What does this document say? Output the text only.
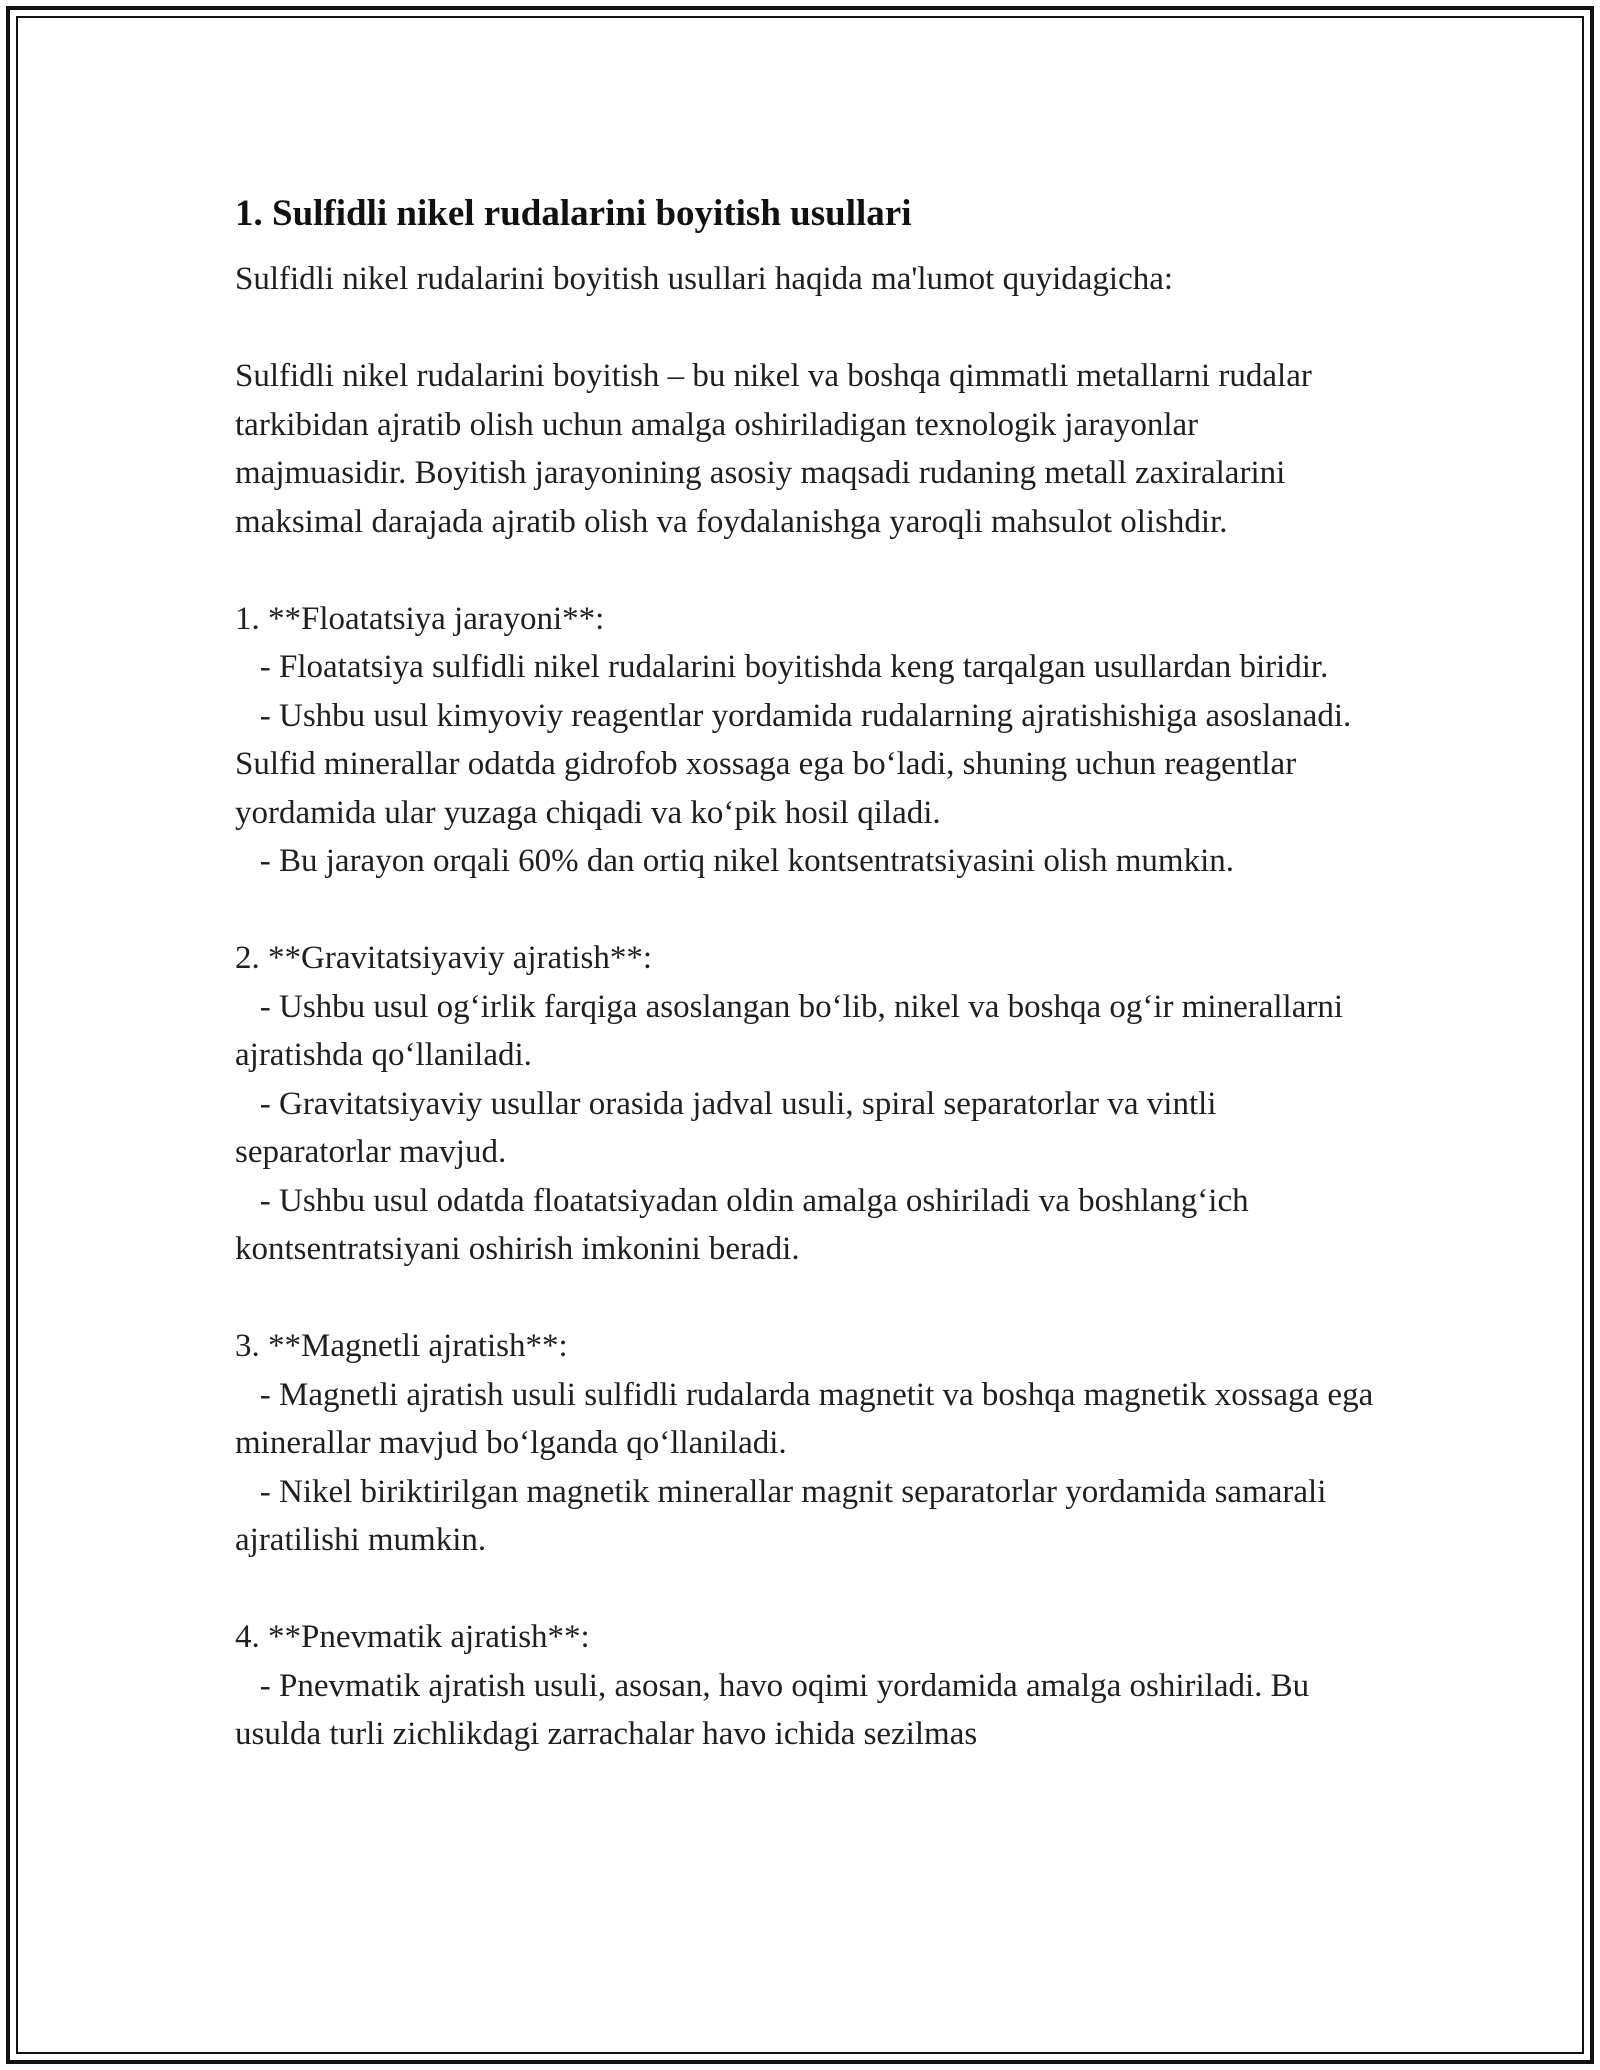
1. Sulfidli nikel rudalarini boyitish usullari

Sulfidli nikel rudalarini boyitish usullari haqida ma'lumot quyidagicha:

Sulfidli nikel rudalarini boyitish – bu nikel va boshqa qimmatli metallarni rudalar tarkibidan ajratib olish uchun amalga oshiriladigan texnologik jarayonlar majmuasidir. Boyitish jarayonining asosiy maqsadi rudaning metall zaxiralarini maksimal darajada ajratib olish va foydalanishga yaroqli mahsulot olishdir.

1. **Floatatsiya jarayoni**:
- Floatatsiya sulfidli nikel rudalarini boyitishda keng tarqalgan usullardan biridir.
- Ushbu usul kimyoviy reagentlar yordamida rudalarning ajratishishiga asoslanadi. Sulfid minerallar odatda gidrofob xossaga ega bo‘ladi, shuning uchun reagentlar yordamida ular yuzaga chiqadi va ko‘pik hosil qiladi.
- Bu jarayon orqali 60% dan ortiq nikel kontsentratsiyasini olish mumkin.
2. **Gravitatsiyaviy ajratish**:
- Ushbu usul og‘irlik farqiga asoslangan bo‘lib, nikel va boshqa og‘ir minerallarni ajratishda qo‘llaniladi.
- Gravitatsiyaviy usullar orasida jadval usuli, spiral separatorlar va vintli separatorlar mavjud.
- Ushbu usul odatda floatatsiyadan oldin amalga oshiriladi va boshlang‘ich kontsentratsiyani oshirish imkonini beradi.
3. **Magnetli ajratish**:
- Magnetli ajratish usuli sulfidli rudalarda magnetit va boshqa magnetik xossaga ega minerallar mavjud bo‘lganda qo‘llaniladi.
- Nikel biriktirilgan magnetik minerallar magnit separatorlar yordamida samarali ajratilishi mumkin.
4. **Pnevmatik ajratish**:
- Pnevmatik ajratish usuli, asosan, havo oqimi yordamida amalga oshiriladi. Bu usulda turli zichlikdagi zarrachalar havo ichida sezilmas
